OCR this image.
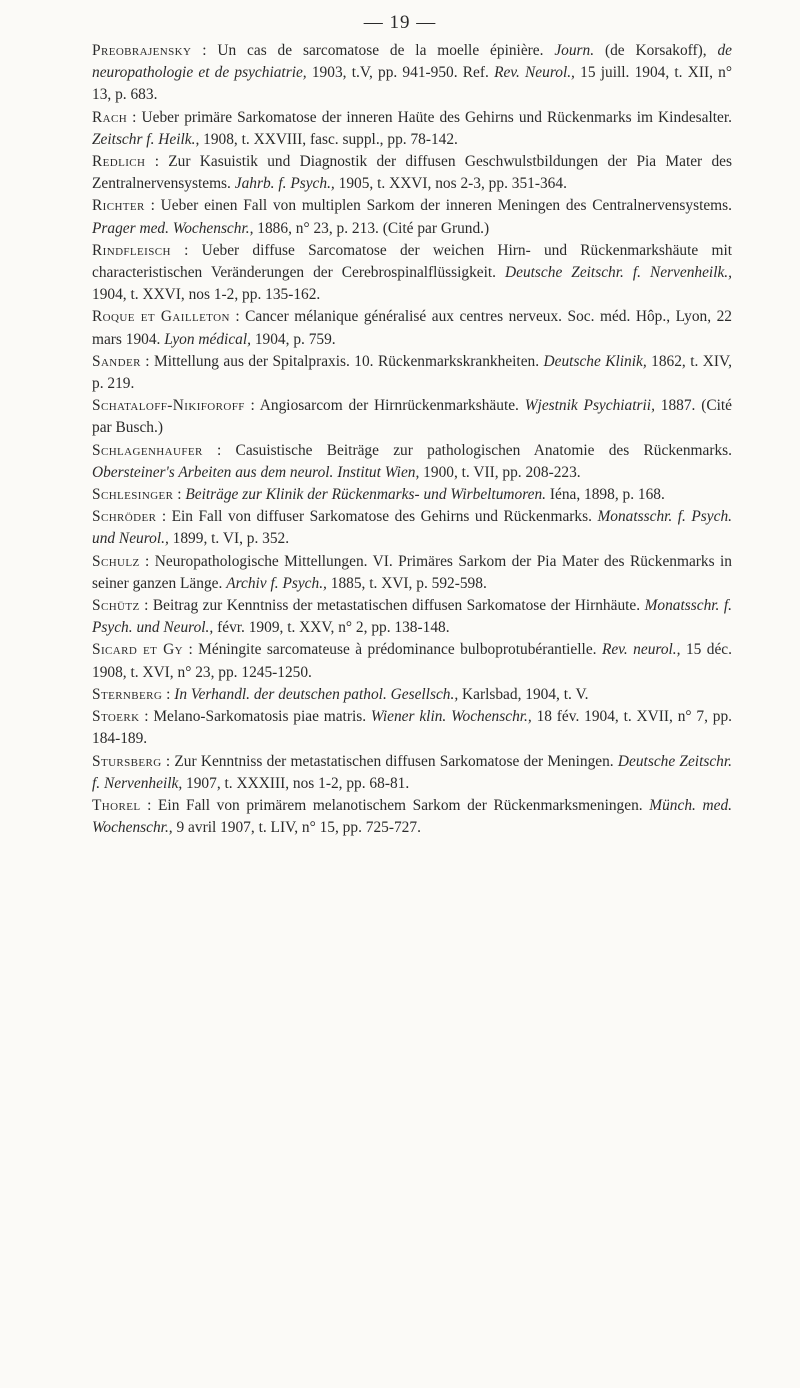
— 19 —

Preobrajensky : Un cas de sarcomatose de la moelle épinière. Journ. (de Korsakoff), de neuropathologie et de psychiatrie, 1903, t.V, pp. 941-950. Ref. Rev. Neurol., 15 juill. 1904, t. XII, n° 13, p. 683.

Rach : Ueber primäre Sarkomatose der inneren Haüte des Gehirns und Rückenmarks im Kindesalter. Zeitschr f. Heilk., 1908, t. XXVIII, fasc. suppl., pp. 78-142.

Redlich : Zur Kasuistik und Diagnostik der diffusen Geschwulstbildungen der Pia Mater des Zentralnervensystems. Jahrb. f. Psych., 1905, t. XXVI, nos 2-3, pp. 351-364.

Richter : Ueber einen Fall von multiplen Sarkom der inneren Meningen des Centralnervensystems. Prager med. Wochenschr., 1886, n° 23, p. 213. (Cité par Grund.)

Rindfleisch : Ueber diffuse Sarcomatose der weichen Hirn- und Rückenmarkshäute mit characteristischen Veränderungen der Cerebrospinalflüssigkeit. Deutsche Zeitschr. f. Nervenheilk., 1904, t. XXVI, nos 1-2, pp. 135-162.

Roque et Gailleton : Cancer mélanique généralisé aux centres nerveux. Soc. méd. Hôp., Lyon, 22 mars 1904. Lyon médical, 1904, p. 759.

Sander : Mittellung aus der Spitalpraxis. 10. Rückenmarkskrankheiten. Deutsche Klinik, 1862, t. XIV, p. 219.

Schataloff-Nikiforoff : Angiosarcom der Hirnrückenmarkshäute. Wjestnik Psychiatrii, 1887. (Cité par Busch.)

Schlagenhaufer : Casuistische Beiträge zur pathologischen Anatomie des Rückenmarks. Obersteiner's Arbeiten aus dem neurol. Institut Wien, 1900, t. VII, pp. 208-223.

Schlesinger : Beiträge zur Klinik der Rückenmarks- und Wirbeltumoren. Iéna, 1898, p. 168.

Schröder : Ein Fall von diffuser Sarkomatose des Gehirns und Rückenmarks. Monatsschr. f. Psych. und Neurol., 1899, t. VI, p. 352.

Schulz : Neuropathologische Mittellungen. VI. Primäres Sarkom der Pia Mater des Rückenmarks in seiner ganzen Länge. Archiv f. Psych., 1885, t. XVI, p. 592-598.

Schütz : Beitrag zur Kenntniss der metastatischen diffusen Sarkomatose der Hirnhäute. Monatsschr. f. Psych. und Neurol., févr. 1909, t. XXV, n° 2, pp. 138-148.

Sicard et Gy : Méningite sarcomateuse à prédominance bulboprotubérantielle. Rev. neurol., 15 déc. 1908, t. XVI, n° 23, pp. 1245-1250.

Sternberg : In Verhandl. der deutschen pathol. Gesellsch., Karlsbad, 1904, t. V.

Stoerk : Melano-Sarkomatosis piae matris. Wiener klin. Wochenschr., 18 fév. 1904, t. XVII, n° 7, pp. 184-189.

Stursberg : Zur Kenntniss der metastatischen diffusen Sarkomatose der Meningen. Deutsche Zeitschr. f. Nervenheilk, 1907, t. XXXIII, nos 1-2, pp. 68-81.

Thorel : Ein Fall von primärem melanotischem Sarkom der Rückenmarksmeningen. Münch. med. Wochenschr., 9 avril 1907, t. LIV, n° 15, pp. 725-727.
